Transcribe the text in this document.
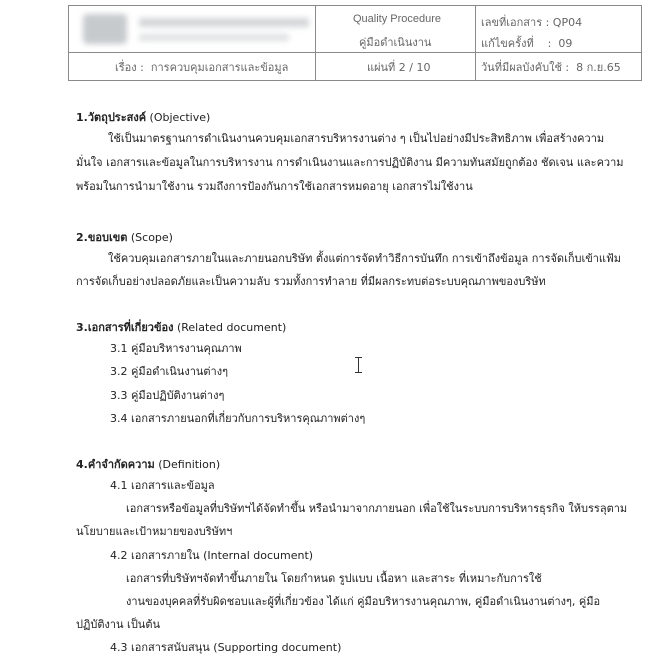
Quality Procedure
คู่มือดำเนินงาน
เลขที่เอกสาร : QP04
แก้ไขครั้งที่    :  09
เรื่อง :  การควบคุมเอกสารและข้อมูล	แผ่นที่ 2 / 10	วันที่มีผลบังคับใช้ :  8 ก.ย.65
1.วัตถุประสงค์ (Objective)
ใช้เป็นมาตรฐานการดำเนินงานควบคุมเอกสารบริหารงานต่าง ๆ เป็นไปอย่างมีประสิทธิภาพ เพื่อสร้างความ
มั่นใจ เอกสารและข้อมูลในการบริหารงาน การดำเนินงานและการปฏิบัติงาน มีความทันสมัยถูกต้อง ชัดเจน และความ
พร้อมในการนำมาใช้งาน รวมถึงการป้องกันการใช้เอกสารหมดอายุ เอกสารไม่ใช้งาน
2.ขอบเขต (Scope)
ใช้ควบคุมเอกสารภายในและภายนอกบริษัท ตั้งแต่การจัดทำวิธีการบันทึก การเข้าถึงข้อมูล การจัดเก็บเข้าแฟ้ม
การจัดเก็บอย่างปลอดภัยและเป็นความลับ รวมทั้งการทำลาย ที่มีผลกระทบต่อระบบคุณภาพของบริษัท
3.เอกสารที่เกี่ยวข้อง (Related document)
3.1 คู่มือบริหารงานคุณภาพ
3.2 คู่มือดำเนินงานต่างๆ
3.3 คู่มือปฏิบัติงานต่างๆ
3.4 เอกสารภายนอกที่เกี่ยวกับการบริหารคุณภาพต่างๆ
4.คำจำกัดความ (Definition)
4.1 เอกสารและข้อมูล
เอกสารหรือข้อมูลที่บริษัทฯได้จัดทำขึ้น หรือนำมาจากภายนอก เพื่อใช้ในระบบการบริหารธุรกิจ ให้บรรลุตาม
นโยบายและเป้าหมายของบริษัทฯ
4.2 เอกสารภายใน (Internal document)
เอกสารที่บริษัทฯจัดทำขึ้นภายใน โดยกำหนด รูปแบบ เนื้อหา และสาระ ที่เหมาะกับการใช้
งานของบุคคลที่รับผิดชอบและผู้ที่เกี่ยวข้อง ได้แก่ คู่มือบริหารงานคุณภาพ, คู่มือดำเนินงานต่างๆ, คู่มือ
ปฏิบัติงาน เป็นต้น
4.3 เอกสารสนับสนุน (Supporting document)
